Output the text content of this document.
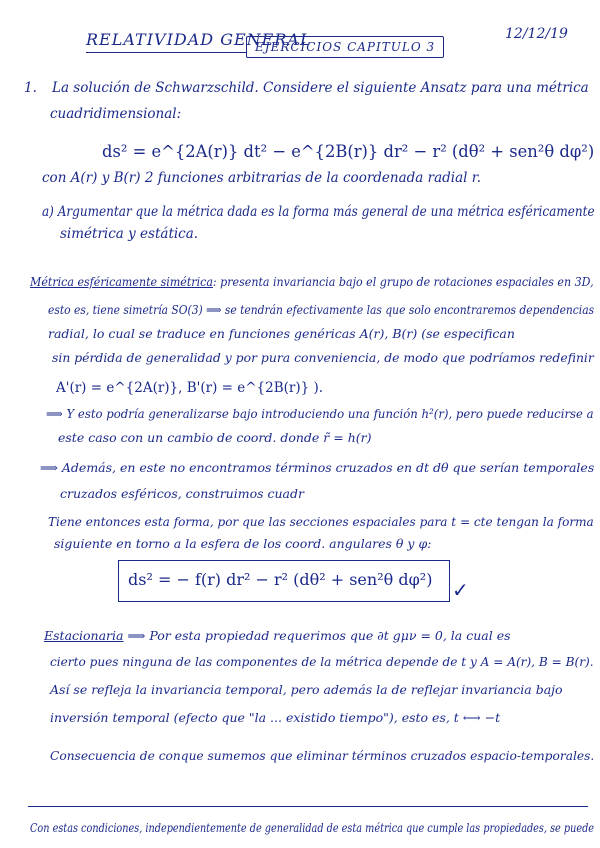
RELATIVIDAD GENERAL
EJERCICIOS CAPITULO 3
12/12/19
1. La solución de Schwarzschild. Considere el siguiente Ansatz para una métrica
cuadridimensional:
ds² = e^{2A(r)} dt² − e^{2B(r)} dr² − r² (dθ² + sen²θ dφ²)
con A(r) y B(r) 2 funciones arbitrarias de la coordenada radial r.
a) Argumentar que la métrica dada es la forma más general de una métrica esféricamente
simétrica y estática.
Métrica esféricamente simétrica: presenta invariancia bajo el grupo de rotaciones espaciales en 3D,
esto es, tiene simetría SO(3) ⟹ se tendrán efectivamente las que solo encontraremos dependencias
radial, lo cual se traduce en funciones genéricas A(r), B(r) (se especifican
sin pérdida de generalidad y por pura conveniencia, de modo que podríamos redefinir
A'(r) = e^{2A(r)}, B'(r) = e^{2B(r)} ).
⟹ Y esto podría generalizarse bajo introduciendo una función h²(r), pero puede reducirse a
este caso con un cambio de coord. donde r̃ = h(r)
⟹ Además, en este no encontramos términos cruzados en dt dθ que serían temporales
cruzados esféricos, construimos cuadr
Tiene entonces esta forma, por que las secciones espaciales para t = cte tengan la forma
siguiente en torno a la esfera de los coord. angulares θ y φ:
ds² = − f(r) dr² − r² (dθ² + sen²θ dφ²) ✓
Estacionaria ⟹ Por esta propiedad requerimos que ∂t gμν = 0, la cual es
cierto pues ninguna de las componentes de la métrica depende de t y A = A(r), B = B(r).
Así se refleja la invariancia temporal, pero además la de reflejar invariancia bajo
inversión temporal (efecto que "la ... existido tiempo"), esto es, t ⟷ −t
Consecuencia de conque sumemos que eliminar términos cruzados espacio-temporales.
Con estas condiciones, independientemente de generalidad de esta métrica que cumple las propiedades, se puede
